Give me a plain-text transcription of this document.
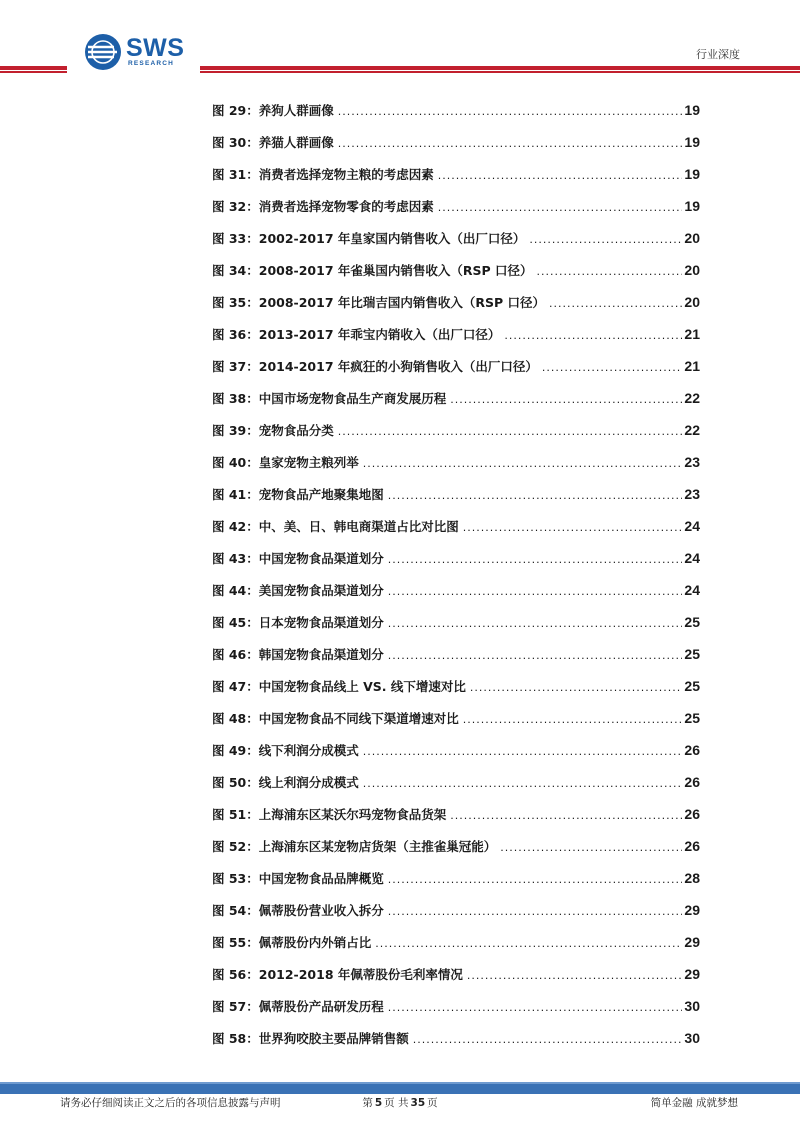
SWS
RESEARCH
行业深度
图 29：养狗人群画像 .....	19
图 30：养猫人群画像 .....	19
图 31：消费者选择宠物主粮的考虑因素 .....	19
图 32：消费者选择宠物零食的考虑因素 .....	19
图 33：2002-2017 年皇家国内销售收入（出厂口径） .....	20
图 34：2008-2017 年雀巢国内销售收入（RSP 口径） .....	20
图 35：2008-2017 年比瑞吉国内销售收入（RSP 口径） .....	20
图 36：2013-2017 年乖宝内销收入（出厂口径） .....	21
图 37：2014-2017 年疯狂的小狗销售收入（出厂口径） .....	21
图 38：中国市场宠物食品生产商发展历程 .....	22
图 39：宠物食品分类 .....	22
图 40：皇家宠物主粮列举 .....	23
图 41：宠物食品产地聚集地图 .....	23
图 42：中、美、日、韩电商渠道占比对比图 .....	24
图 43：中国宠物食品渠道划分 .....	24
图 44：美国宠物食品渠道划分 .....	24
图 45：日本宠物食品渠道划分 .....	25
图 46：韩国宠物食品渠道划分 .....	25
图 47：中国宠物食品线上 VS. 线下增速对比 .....	25
图 48：中国宠物食品不同线下渠道增速对比 .....	25
图 49：线下利润分成模式 .....	26
图 50：线上利润分成模式 .....	26
图 51：上海浦东区某沃尔玛宠物食品货架 .....	26
图 52：上海浦东区某宠物店货架（主推雀巢冠能） .....	26
图 53：中国宠物食品品牌概览 .....	28
图 54：佩蒂股份营业收入拆分 .....	29
图 55：佩蒂股份内外销占比 .....	29
图 56：2012-2018 年佩蒂股份毛利率情况 .....	29
图 57：佩蒂股份产品研发历程 .....	30
图 58：世界狗咬胶主要品牌销售额 .....	30
请务必仔细阅读正文之后的各项信息披露与声明	第 5 页 共 35 页	简单金融 成就梦想
